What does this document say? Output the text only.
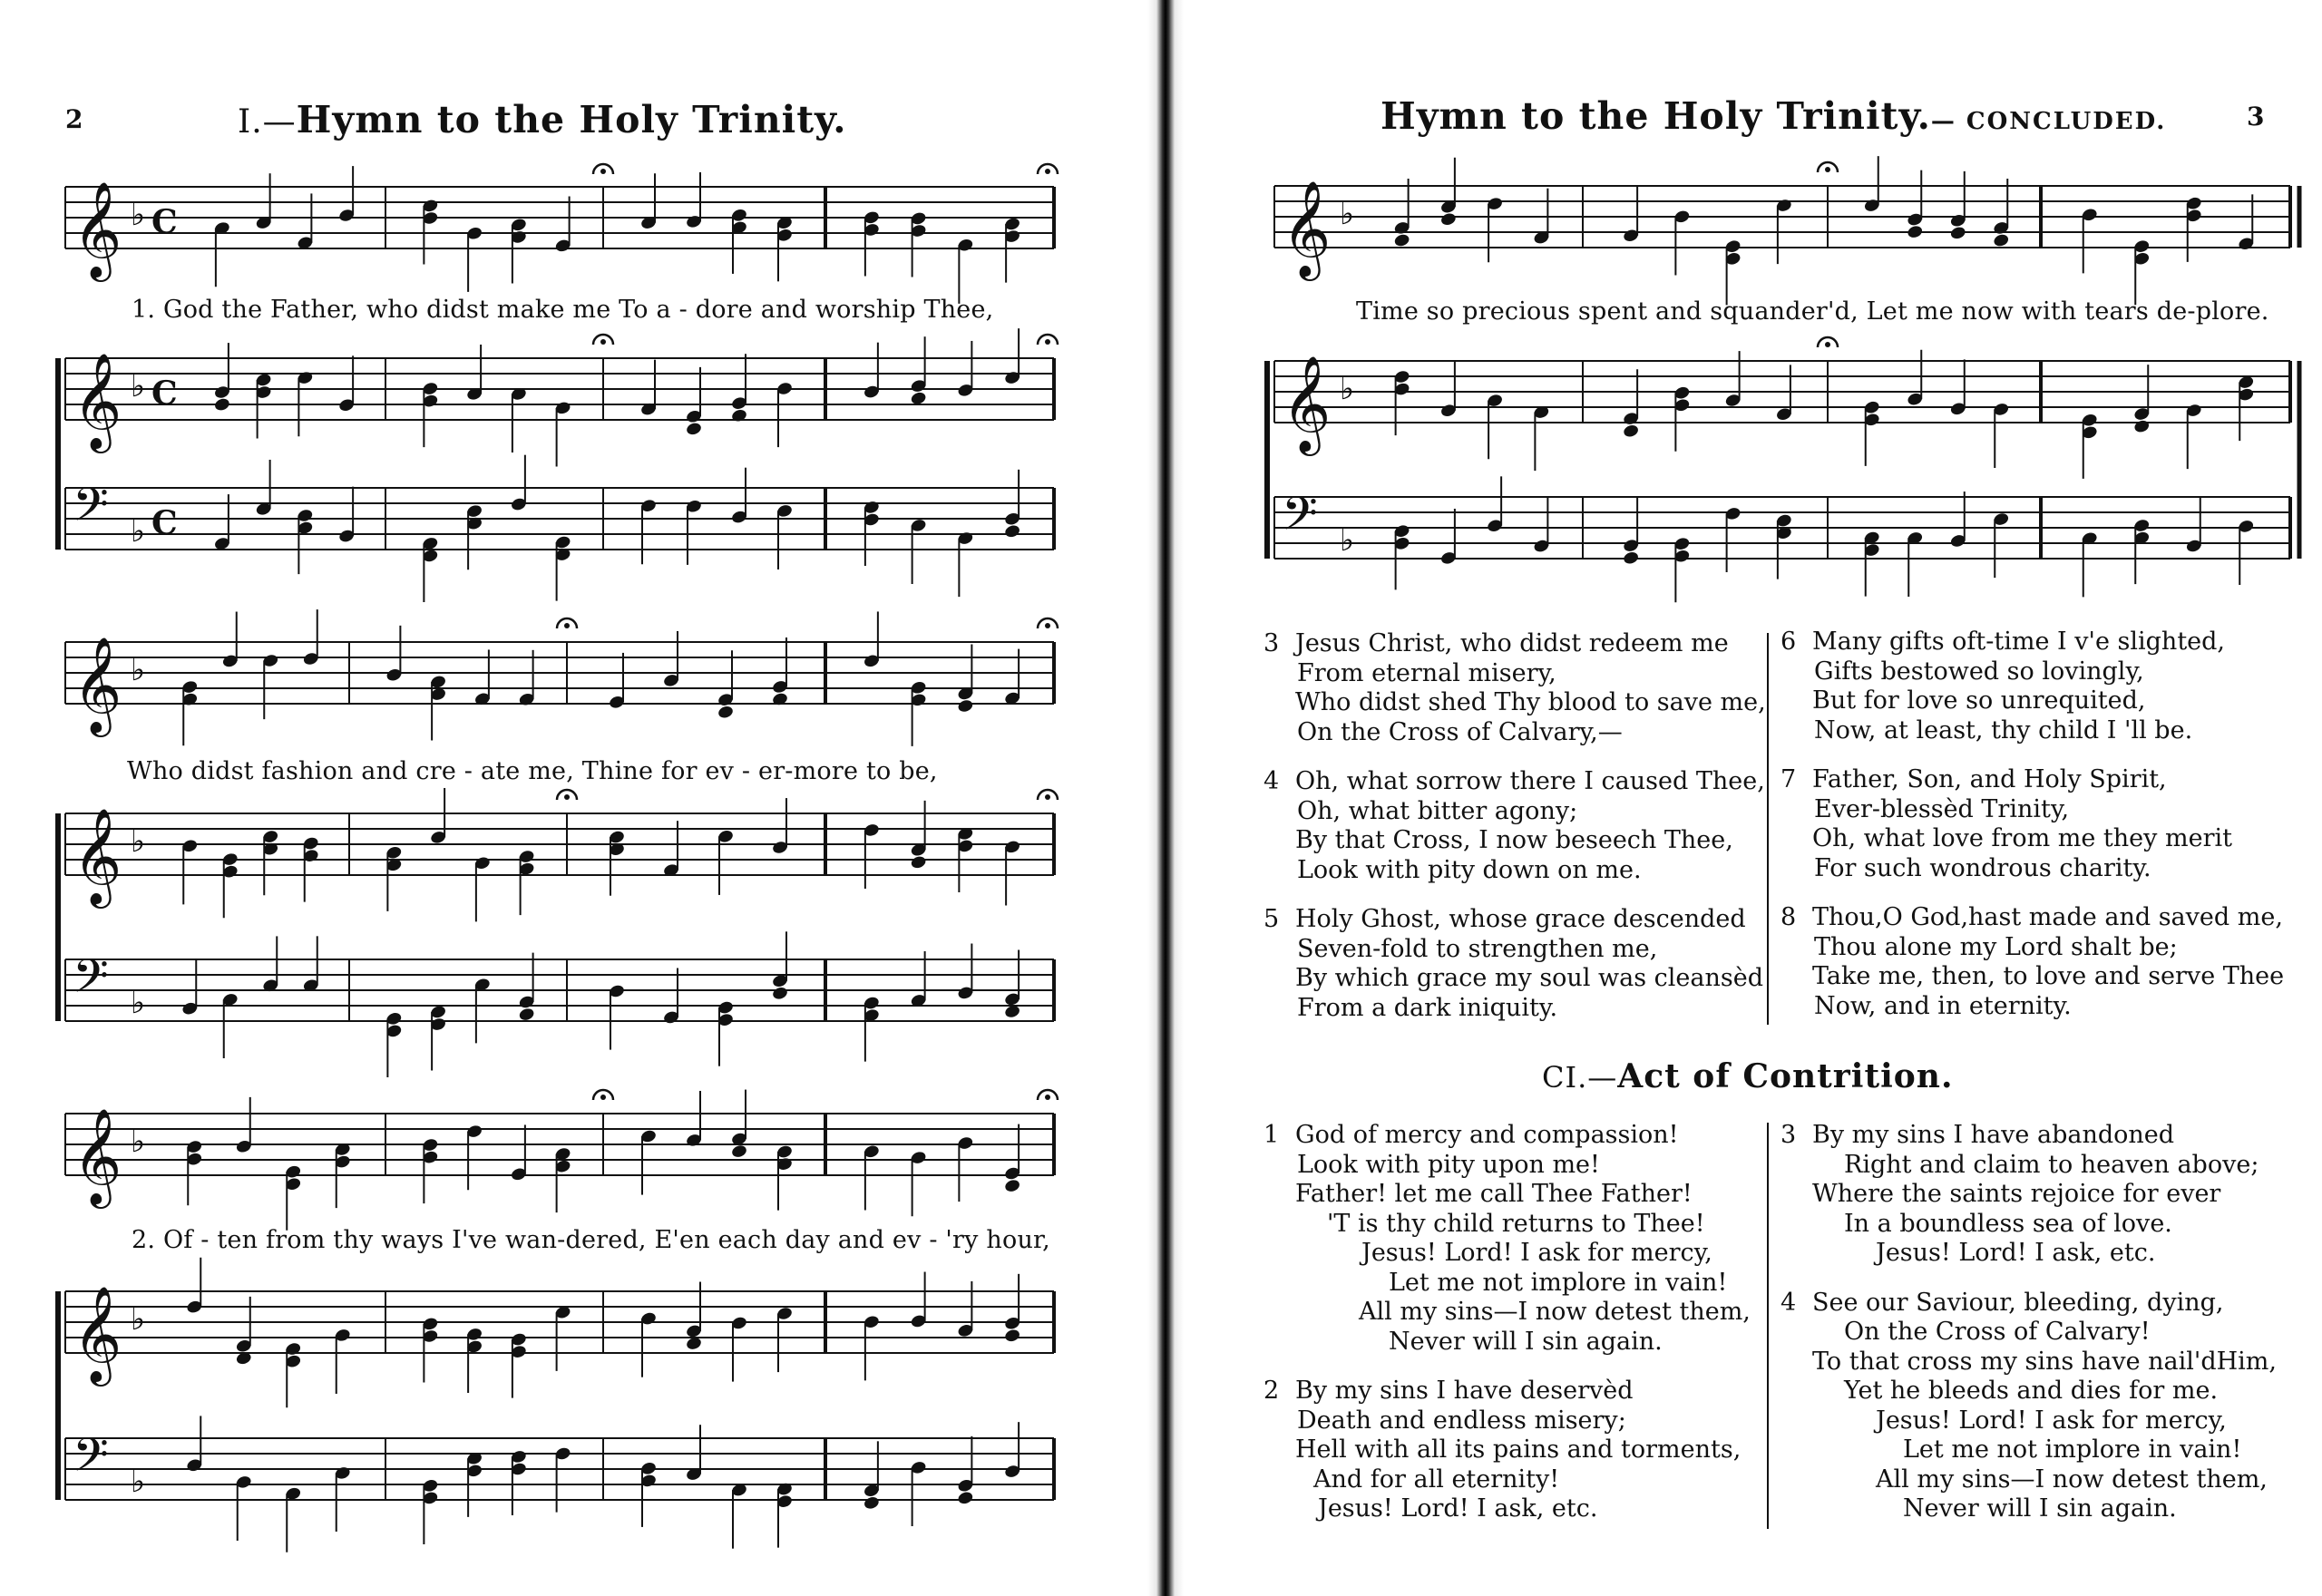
2	I.—Hymn to the Holy Trinity.
𝄞 ♭ C
𝄞 ♭ C
𝄢 ♭ C
𝄞 ♭
𝄞 ♭
𝄢 ♭
𝄞 ♭
𝄞 ♭
𝄢 ♭
1. God the Father, who didst make me To a - dore and worship Thee,
Who didst fashion and cre - ate me, Thine for ev - er-more to be,
2. Of - ten from thy ways I've wan-dered, E'en each day and ev - 'ry hour,
Hymn to the Holy Trinity.— CONCLUDED.	3
𝄞 ♭
𝄞 ♭
𝄢 ♭
Time so precious spent and squander'd, Let me now with tears de-plore.
3 Jesus Christ, who didst redeem me
From eternal misery,
Who didst shed Thy blood to save me,
On the Cross of Calvary,—
4 Oh, what sorrow there I caused Thee,
Oh, what bitter agony;
By that Cross, I now beseech Thee,
Look with pity down on me.
5 Holy Ghost, whose grace descended
Seven-fold to strengthen me,
By which grace my soul was cleansèd
From a dark iniquity.
6 Many gifts oft-time I v'e slighted,
Gifts bestowed so lovingly,
But for love so unrequited,
Now, at least, thy child I 'll be.
7 Father, Son, and Holy Spirit,
Ever-blessèd Trinity,
Oh, what love from me they merit
For such wondrous charity.
8 Thou,O God,hast made and saved me,
Thou alone my Lord shalt be;
Take me, then, to love and serve Thee
Now, and in eternity.
CI.—Act of Contrition.
1 God of mercy and compassion!
Look with pity upon me!
Father! let me call Thee Father!
'T is thy child returns to Thee!
Jesus! Lord! I ask for mercy,
Let me not implore in vain!
All my sins—I now detest them,
Never will I sin again.
2 By my sins I have deservèd
Death and endless misery;
Hell with all its pains and torments,
And for all eternity!
Jesus! Lord! I ask, etc.
3 By my sins I have abandoned
Right and claim to heaven above;
Where the saints rejoice for ever
In a boundless sea of love.
Jesus! Lord! I ask, etc.
4 See our Saviour, bleeding, dying,
On the Cross of Calvary!
To that cross my sins have nail'dHim,
Yet he bleeds and dies for me.
Jesus! Lord! I ask for mercy,
Let me not implore in vain!
All my sins—I now detest them,
Never will I sin again.
